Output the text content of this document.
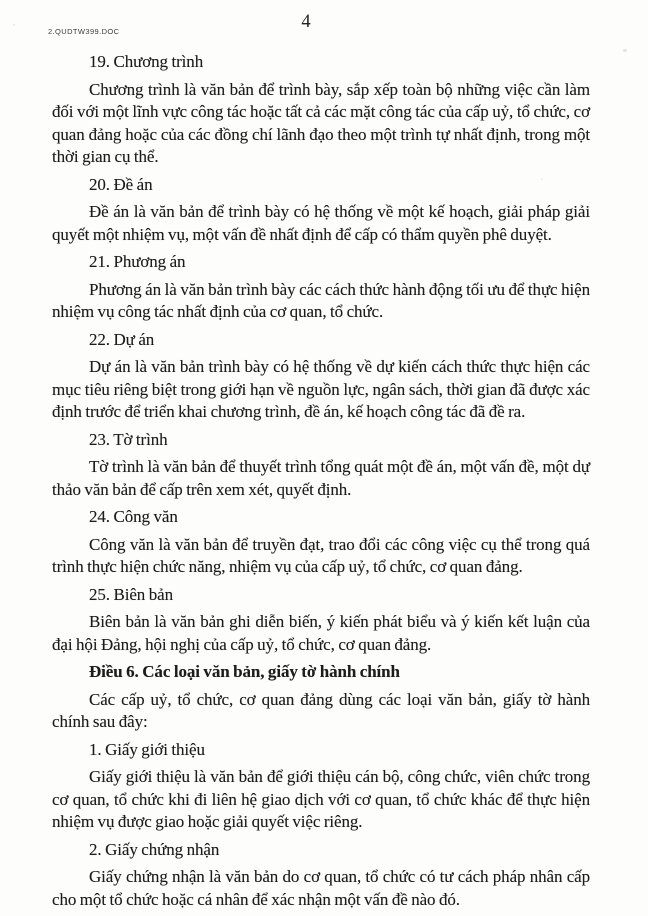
2.QUDTW399.DOC	4

19. Chương trình

Chương trình là văn bản để trình bày, sắp xếp toàn bộ những việc cần làm đối với một lĩnh vực công tác hoặc tất cả các mặt công tác của cấp uỷ, tổ chức, cơ quan đảng hoặc của các đồng chí lãnh đạo theo một trình tự nhất định, trong một thời gian cụ thể.

20. Đề án

Đề án là văn bản để trình bày có hệ thống về một kế hoạch, giải pháp giải quyết một nhiệm vụ, một vấn đề nhất định để cấp có thẩm quyền phê duyệt.

21. Phương án

Phương án là văn bản trình bày các cách thức hành động tối ưu để thực hiện nhiệm vụ công tác nhất định của cơ quan, tổ chức.

22. Dự án

Dự án là văn bản trình bày có hệ thống về dự kiến cách thức thực hiện các mục tiêu riêng biệt trong giới hạn về nguồn lực, ngân sách, thời gian đã được xác định trước để triển khai chương trình, đề án, kế hoạch công tác đã đề ra.

23. Tờ trình

Tờ trình là văn bản để thuyết trình tổng quát một đề án, một vấn đề, một dự thảo văn bản để cấp trên xem xét, quyết định.

24. Công văn

Công văn là văn bản để truyền đạt, trao đổi các công việc cụ thể trong quá trình thực hiện chức năng, nhiệm vụ của cấp uỷ, tổ chức, cơ quan đảng.

25. Biên bản

Biên bản là văn bản ghi diễn biến, ý kiến phát biểu và ý kiến kết luận của đại hội Đảng, hội nghị của cấp uỷ, tổ chức, cơ quan đảng.

Điều 6. Các loại văn bản, giấy tờ hành chính

Các cấp uỷ, tổ chức, cơ quan đảng dùng các loại văn bản, giấy tờ hành chính sau đây:

1. Giấy giới thiệu

Giấy giới thiệu là văn bản để giới thiệu cán bộ, công chức, viên chức trong cơ quan, tổ chức khi đi liên hệ giao dịch với cơ quan, tổ chức khác để thực hiện nhiệm vụ được giao hoặc giải quyết việc riêng.

2. Giấy chứng nhận

Giấy chứng nhận là văn bản do cơ quan, tổ chức có tư cách pháp nhân cấp cho một tổ chức hoặc cá nhân để xác nhận một vấn đề nào đó.
